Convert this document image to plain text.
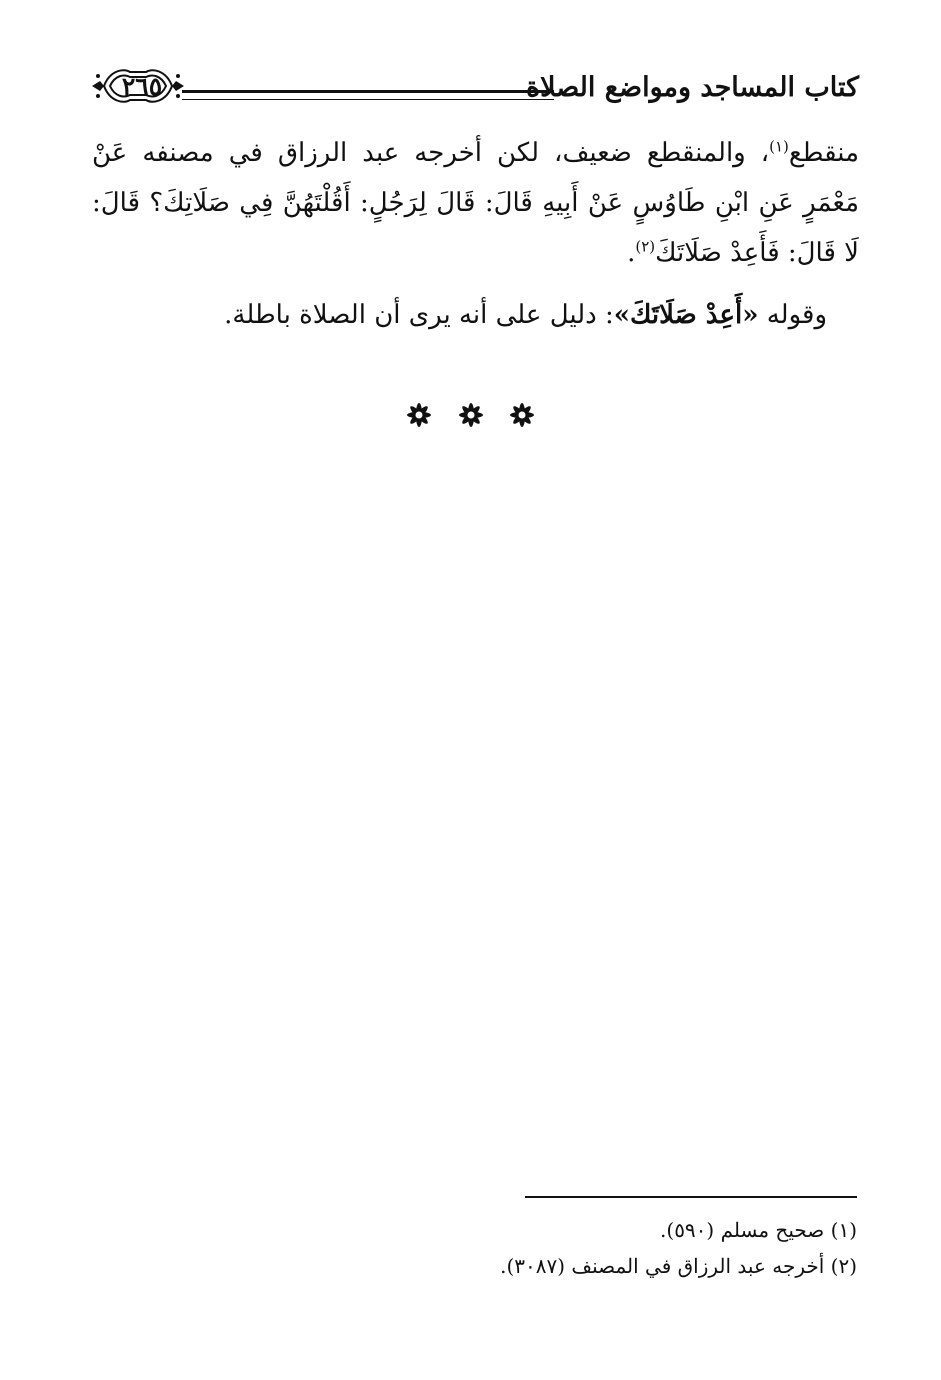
كتاب المساجد ومواضع الصلاة
٢٦٥

منقطع$^{(١)}$، والمنقطع ضعيف، لكن أخرجه عبد الرزاق في مصنفه عَنْ مَعْمَرٍ عَنِ ابْنِ طَاوُسٍ عَنْ أَبِيهِ قَالَ: قَالَ لِرَجُلٍ: أَقُلْتَهُنَّ فِي صَلَاتِكَ؟ قَالَ: لَا قَالَ: فَأَعِدْ صَلَاتَكَ$^{(٢)}$.

وقوله «أَعِدْ صَلَاتَكَ»: دليل على أنه يرى أن الصلاة باطلة.

(١) صحيح مسلم (٥٩٠).

(٢) أخرجه عبد الرزاق في المصنف (٣٠٨٧).
